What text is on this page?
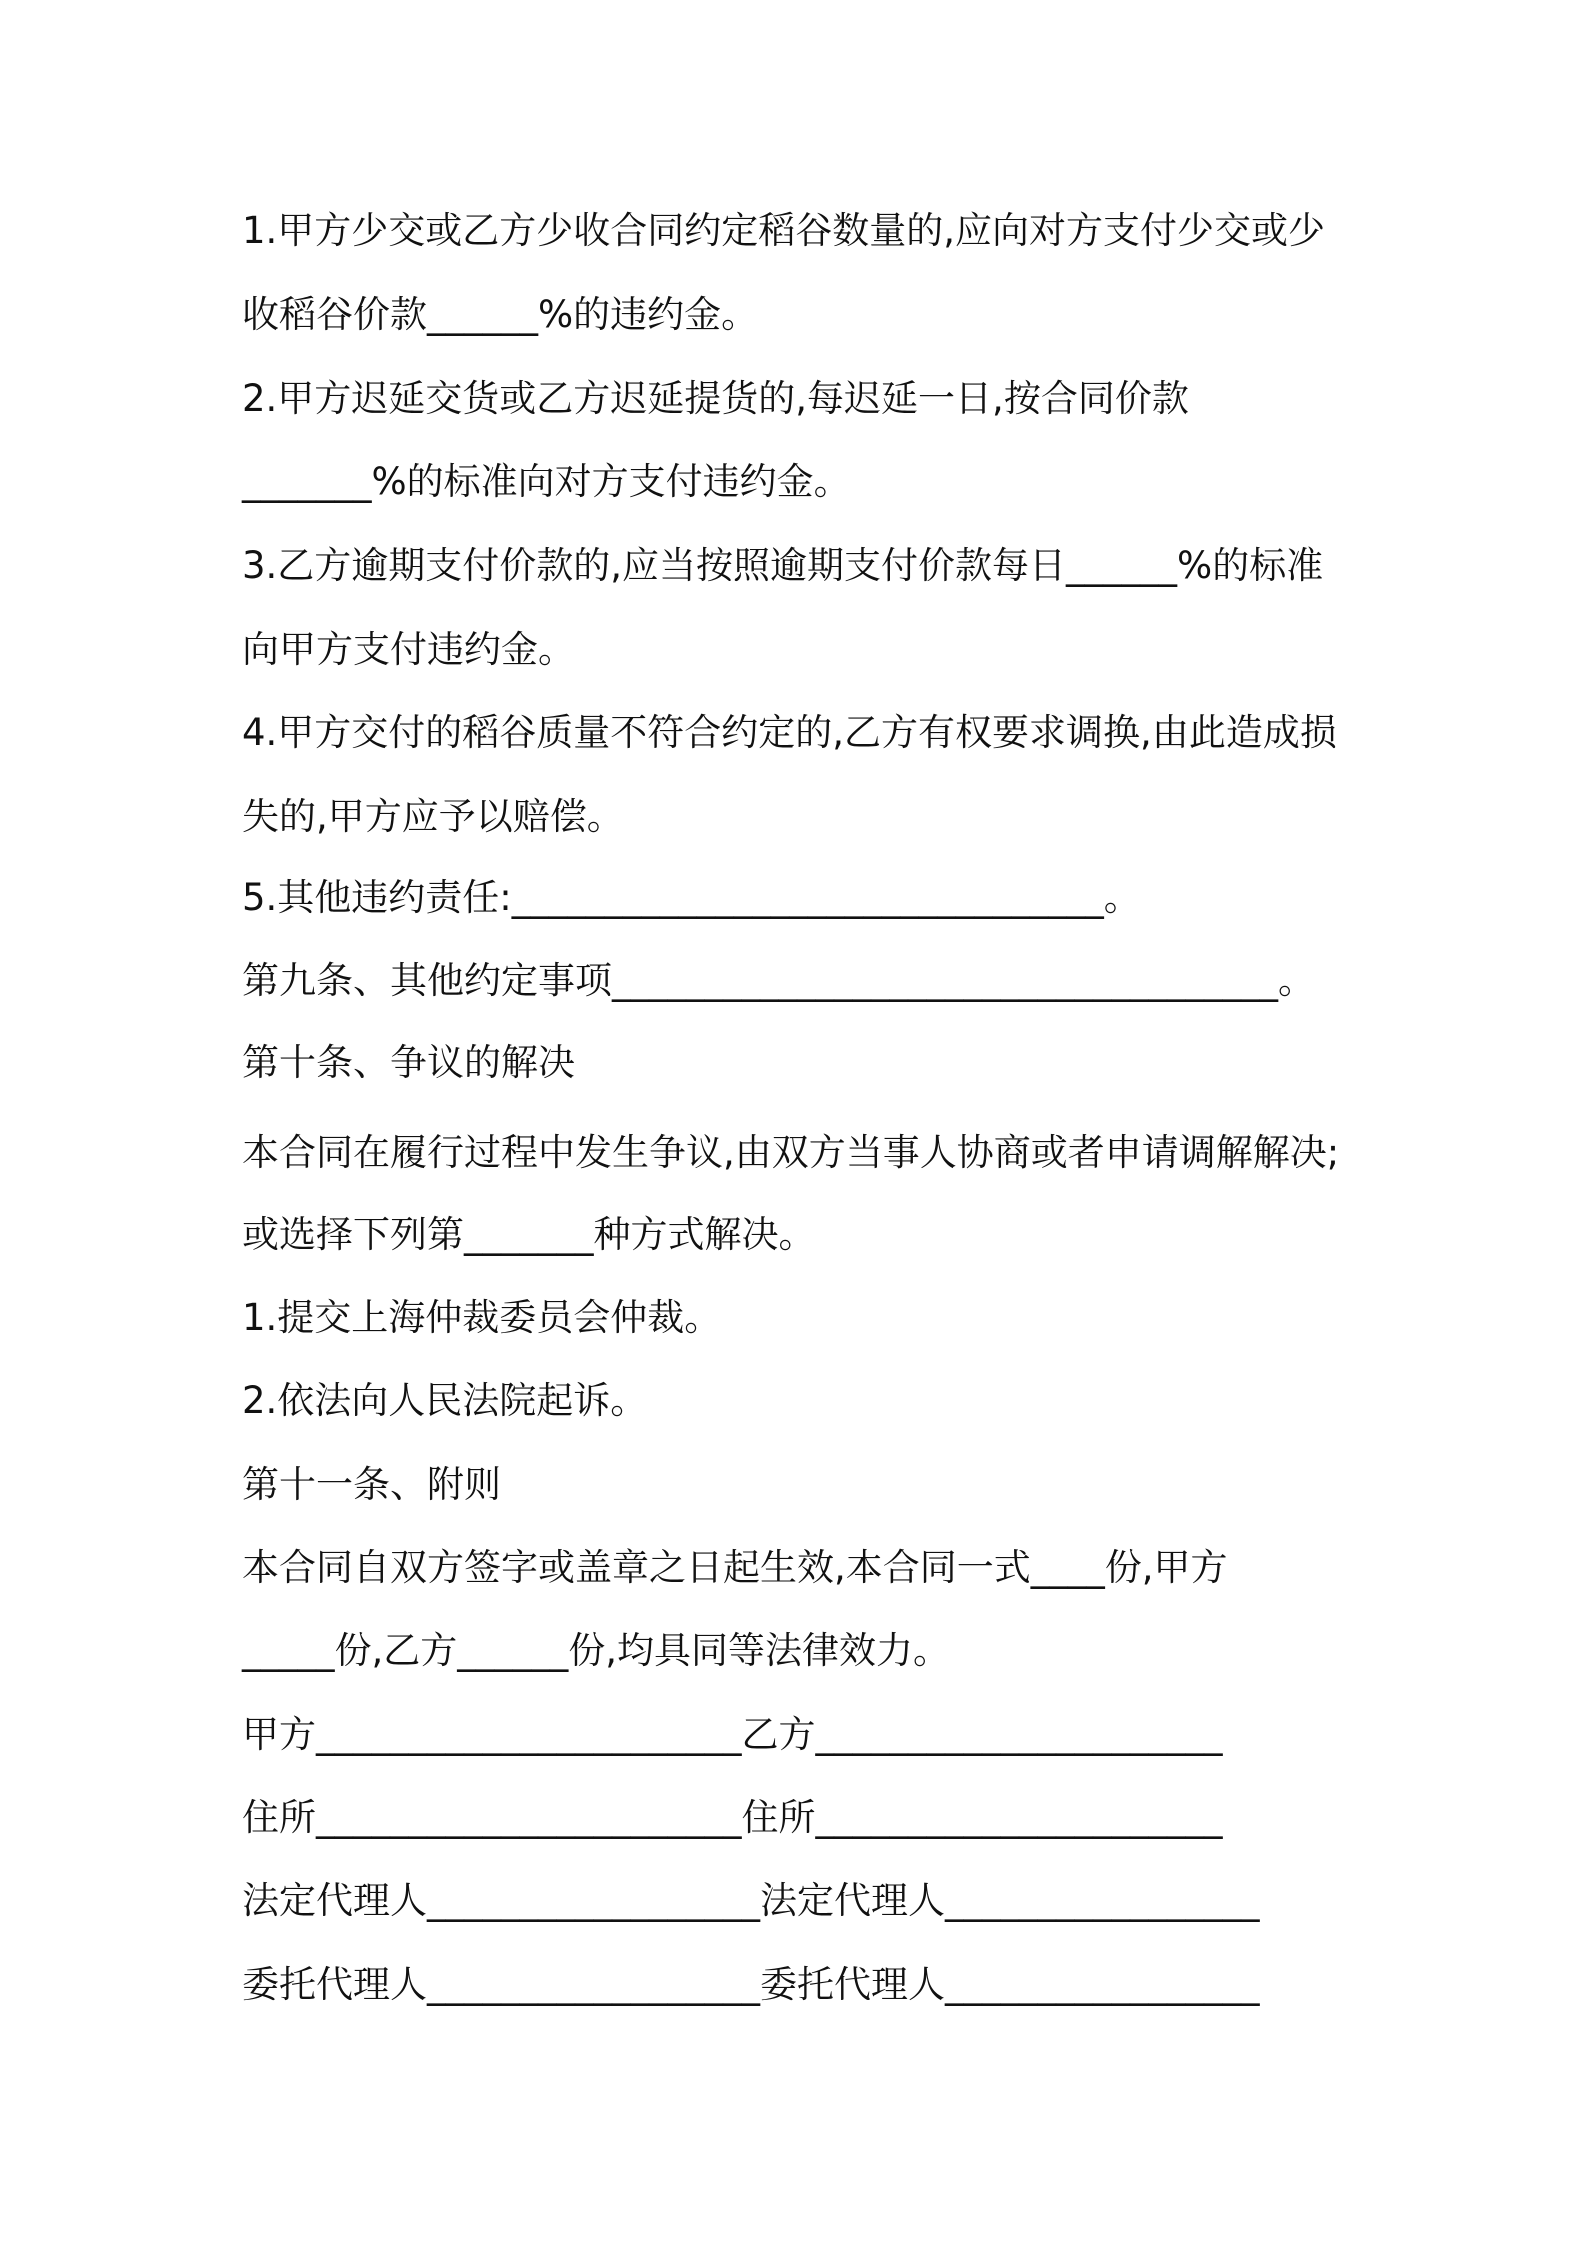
1.甲方少交或乙方少收合同约定稻谷数量的,应向对方支付少交或少

收稻谷价款______%的违约金。

2.甲方迟延交货或乙方迟延提货的,每迟延一日,按合同价款

_______%的标准向对方支付违约金。

3.乙方逾期支付价款的,应当按照逾期支付价款每日______%的标准

向甲方支付违约金。

4.甲方交付的稻谷质量不符合约定的,乙方有权要求调换,由此造成损

失的,甲方应予以赔偿。

5.其他违约责任:________________________________。

第九条、其他约定事项____________________________________。

第十条、争议的解决

本合同在履行过程中发生争议,由双方当事人协商或者申请调解解决;

或选择下列第_______种方式解决。

1.提交上海仲裁委员会仲裁。

2.依法向人民法院起诉。

第十一条、附则

本合同自双方签字或盖章之日起生效,本合同一式____份,甲方

_____份,乙方______份,均具同等法律效力。

甲方_______________________乙方______________________

住所_______________________住所______________________

法定代理人__________________法定代理人_________________

委托代理人__________________委托代理人_________________
